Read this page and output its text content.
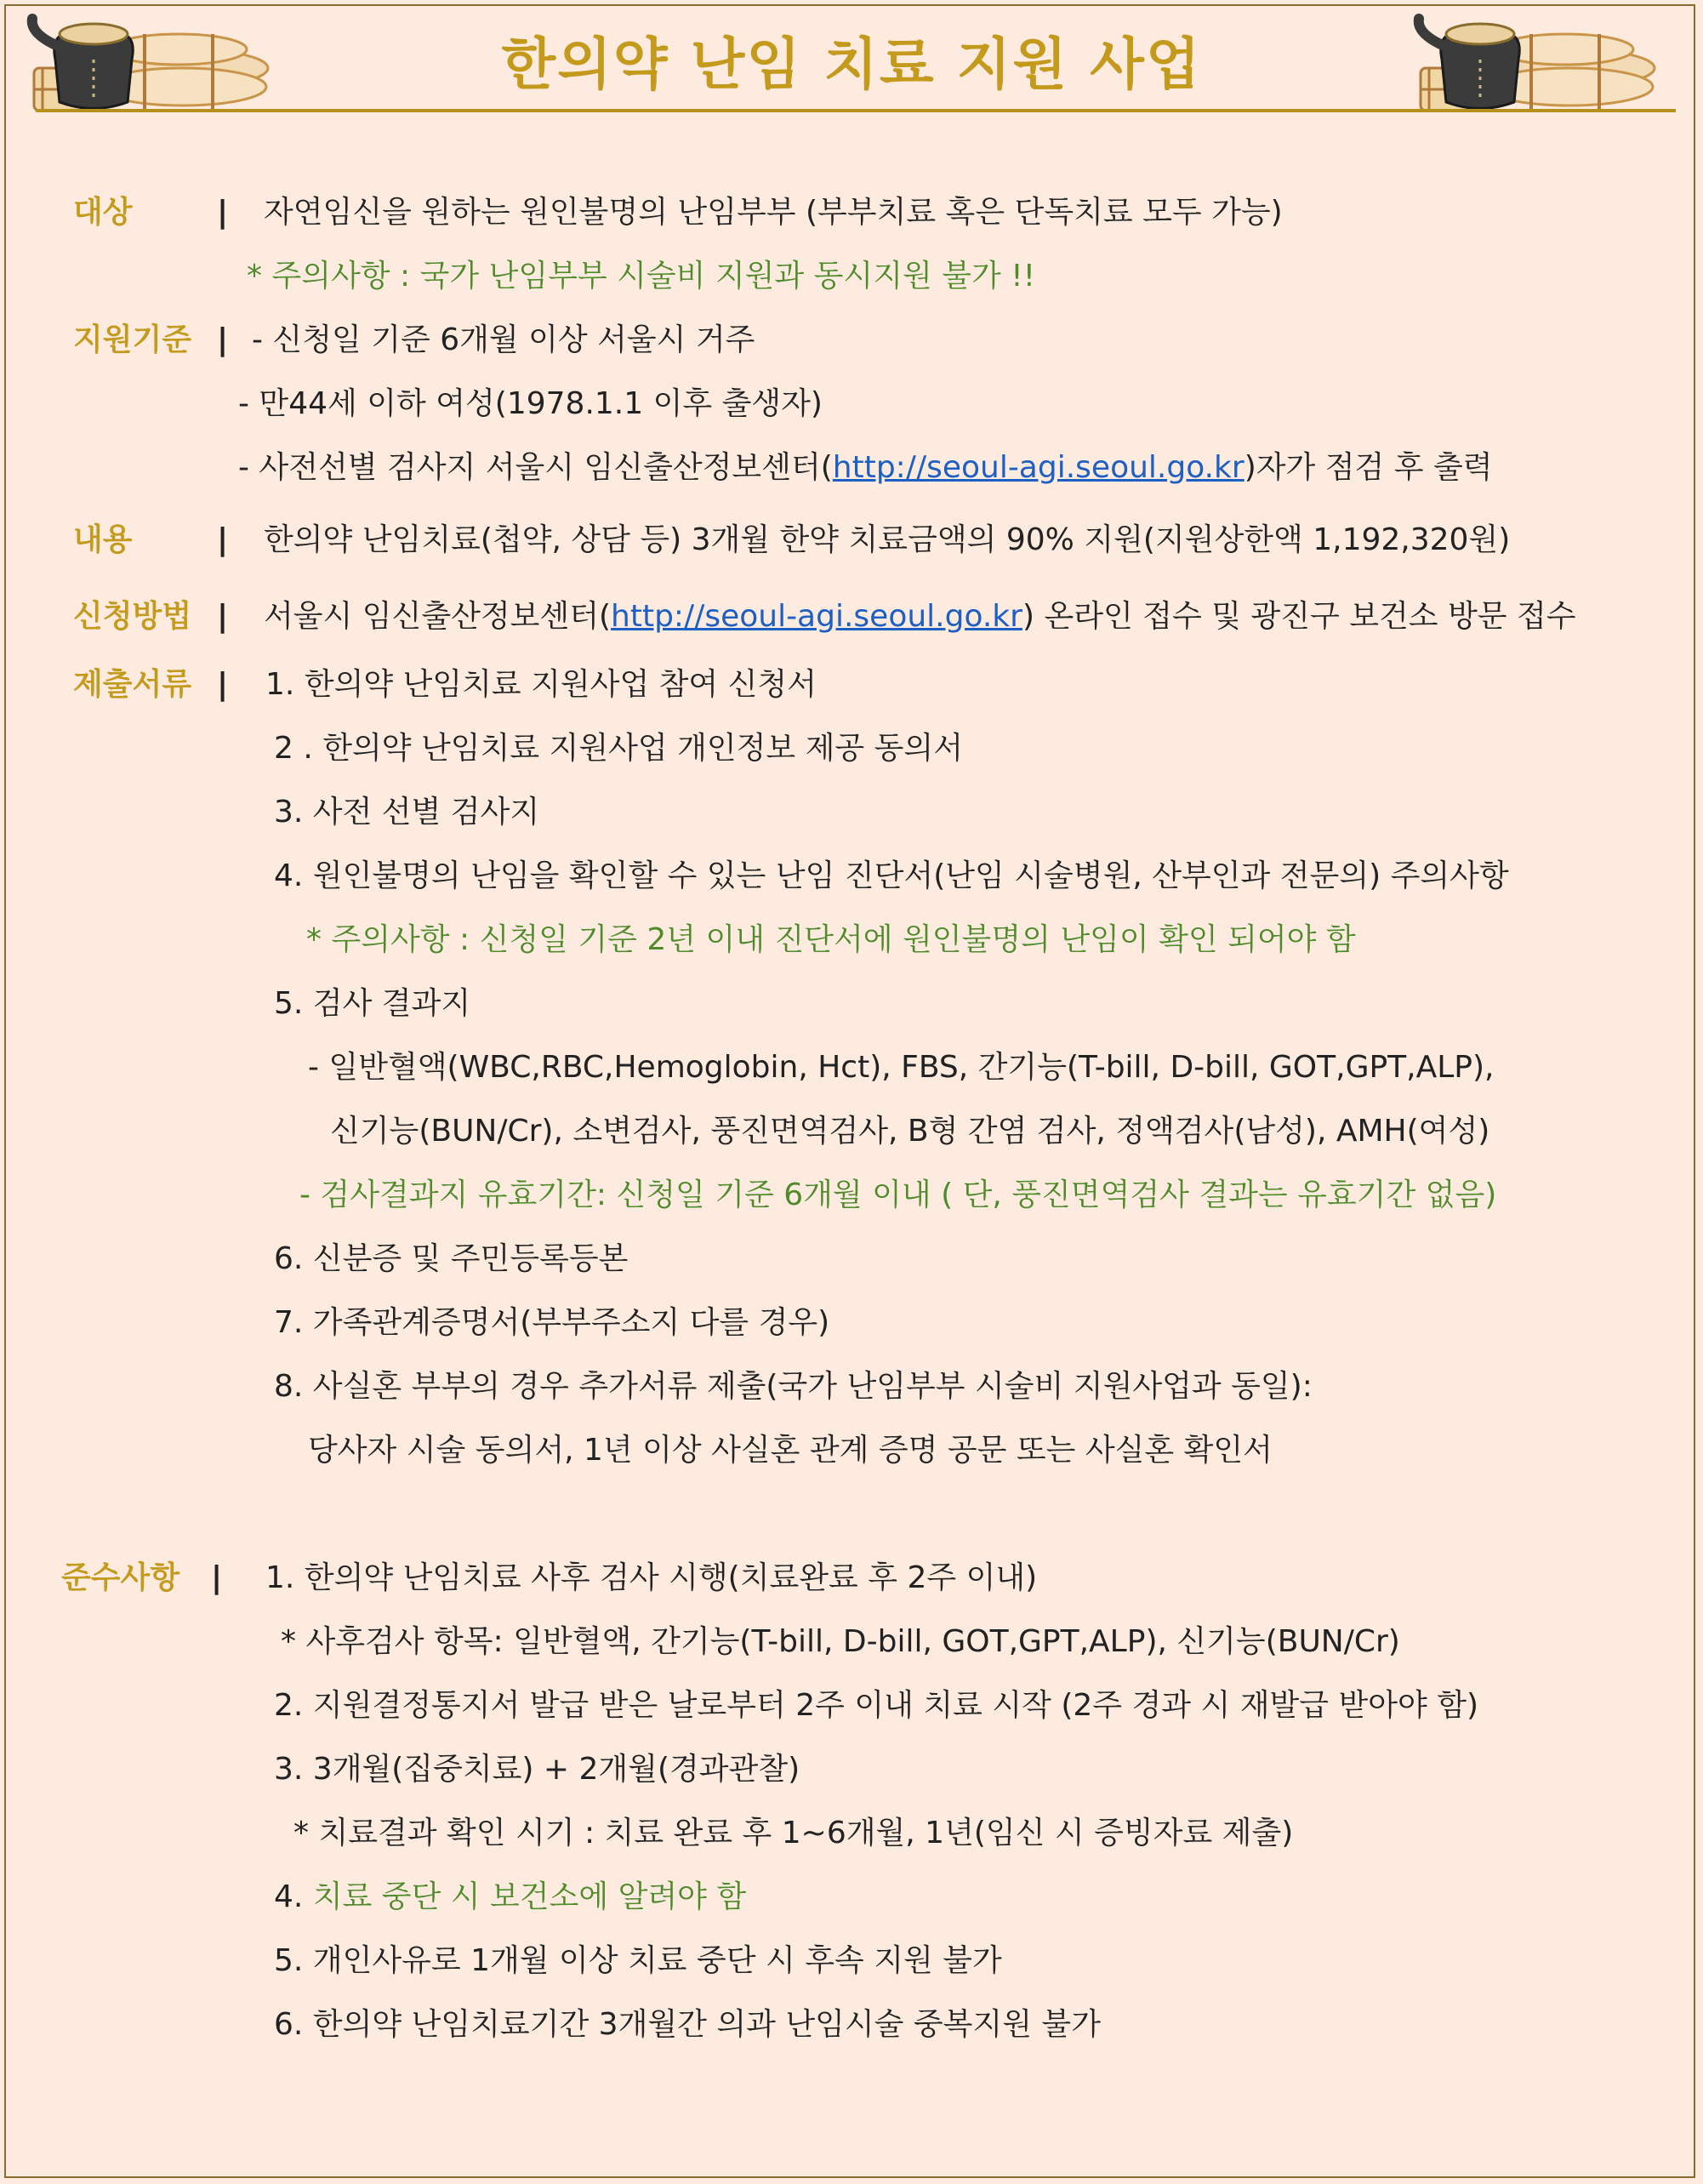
한의약 난임 치료 지원 사업
대상	| 자연임신을 원하는 원인불명의 난임부부 (부부치료 혹은 단독치료 모두 가능)
* 주의사항 : 국가 난임부부 시술비 지원과 동시지원 불가 !!
지원기준 | - 신청일 기준 6개월 이상 서울시 거주
- 만44세 이하 여성(1978.1.1 이후 출생자)
- 사전선별 검사지 서울시 임신출산정보센터(http://seoul-agi.seoul.go.kr)자가 점검 후 출력
내용	| 한의약 난임치료(첩약, 상담 등) 3개월 한약 치료금액의 90% 지원(지원상한액 1,192,320원)
신청방법 | 서울시 임신출산정보센터(http://seoul-agi.seoul.go.kr) 온라인 접수 및 광진구 보건소 방문 접수
제출서류 | 1. 한의약 난임치료 지원사업 참여 신청서
2 . 한의약 난임치료 지원사업 개인정보 제공 동의서
3. 사전 선별 검사지
4. 원인불명의 난임을 확인할 수 있는 난임 진단서(난임 시술병원, 산부인과 전문의) 주의사항
* 주의사항 : 신청일 기준 2년 이내 진단서에 원인불명의 난임이 확인 되어야 함
5. 검사 결과지
- 일반혈액(WBC,RBC,Hemoglobin, Hct), FBS, 간기능(T-bill, D-bill, GOT,GPT,ALP),
신기능(BUN/Cr), 소변검사, 풍진면역검사, B형 간염 검사, 정액검사(남성), AMH(여성)
- 검사결과지 유효기간: 신청일 기준 6개월 이내 ( 단, 풍진면역검사 결과는 유효기간 없음)
6. 신분증 및 주민등록등본
7. 가족관계증명서(부부주소지 다를 경우)
8. 사실혼 부부의 경우 추가서류 제출(국가 난임부부 시술비 지원사업과 동일):
당사자 시술 동의서, 1년 이상 사실혼 관계 증명 공문 또는 사실혼 확인서
준수사항 | 1. 한의약 난임치료 사후 검사 시행(치료완료 후 2주 이내)
* 사후검사 항목: 일반혈액, 간기능(T-bill, D-bill, GOT,GPT,ALP), 신기능(BUN/Cr)
2. 지원결정통지서 발급 받은 날로부터 2주 이내 치료 시작 (2주 경과 시 재발급 받아야 함)
3. 3개월(집중치료) + 2개월(경과관찰)
* 치료결과 확인 시기 : 치료 완료 후 1~6개월, 1년(임신 시 증빙자료 제출)
4. 치료 중단 시 보건소에 알려야 함
5. 개인사유로 1개월 이상 치료 중단 시 후속 지원 불가
6. 한의약 난임치료기간 3개월간 의과 난임시술 중복지원 불가
